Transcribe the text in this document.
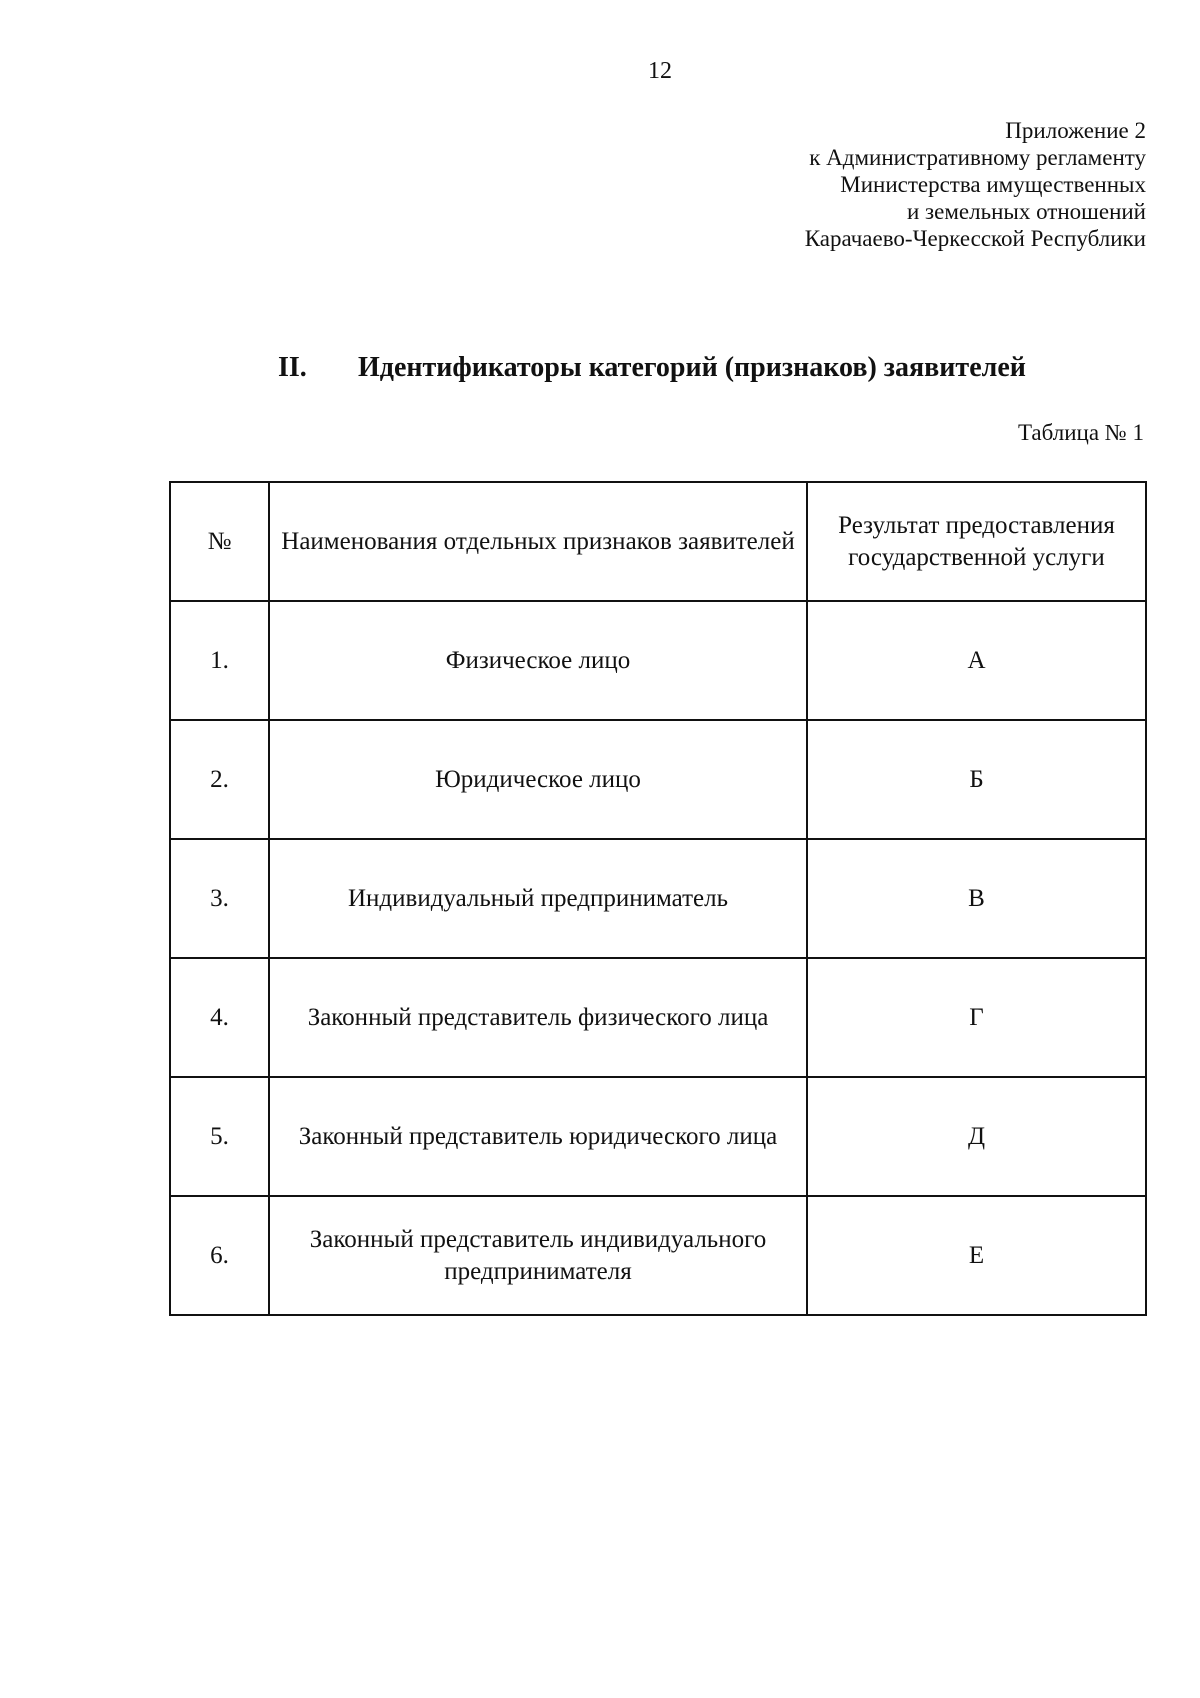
12
Приложение 2
к Административному регламенту
Министерства имущественных
и земельных отношений
Карачаево-Черкесской Республики
II. Идентификаторы категорий (признаков) заявителей
Таблица № 1
№	Наименования отдельных признаков заявителей	Результат предоставления государственной услуги
1.	Физическое лицо	А
2.	Юридическое лицо	Б
3.	Индивидуальный предприниматель	В
4.	Законный представитель физического лица	Г
5.	Законный представитель юридического лица	Д
6.	Законный представитель индивидуального предпринимателя	Е
